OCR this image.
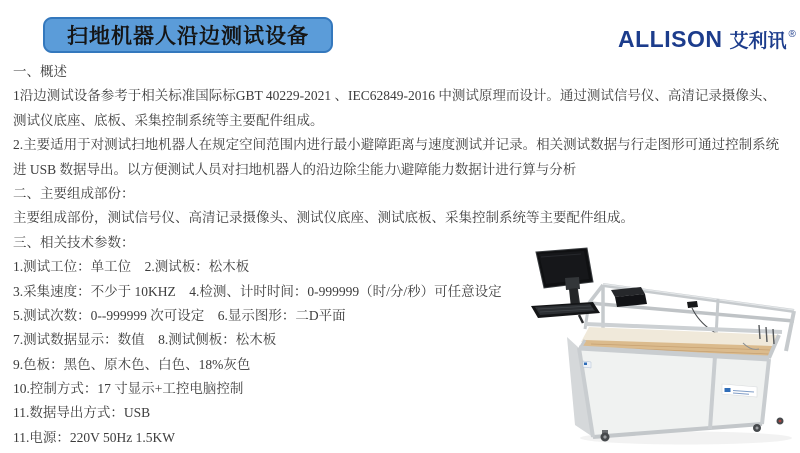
扫地机器人沿边测试设备	ALLISON 艾利讯 ®
一、概述
1沿边测试设备参考于相关标准国际标GBT 40229-2021 、IEC62849-2016 中测试原理而设计。通过测试信号仪、高清记录摄像头、
测试仪底座、底板、采集控制系统等主要配件组成。
2.主要适用于对测试扫地机器人在规定空间范围内进行最小避障距离与速度测试并记录。相关测试数据与行走图形可通过控制系统
进 USB 数据导出。以方便测试人员对扫地机器人的沿边除尘能力\避障能力数据计进行算与分析
二、主要组成部份：
主要组成部份，测试信号仪、高清记录摄像头、测试仪底座、测试底板、采集控制系统等主要配件组成。
三、相关技术参数：
1.测试工位：单工位    2.测试板：松木板
3.采集速度：不少于 10KHZ    4.检测、计时时间：0-999999（时/分/秒）可任意设定
5.测试次数：0--999999 次可设定    6.显示图形：二D平面
7.测试数据显示：数值    8.测试侧板：松木板
9.色板：黑色、原木色、白色、18%灰色
10.控制方式：17 寸显示+工控电脑控制
11.数据导出方式：USB
11.电源：220V 50Hz 1.5KW
